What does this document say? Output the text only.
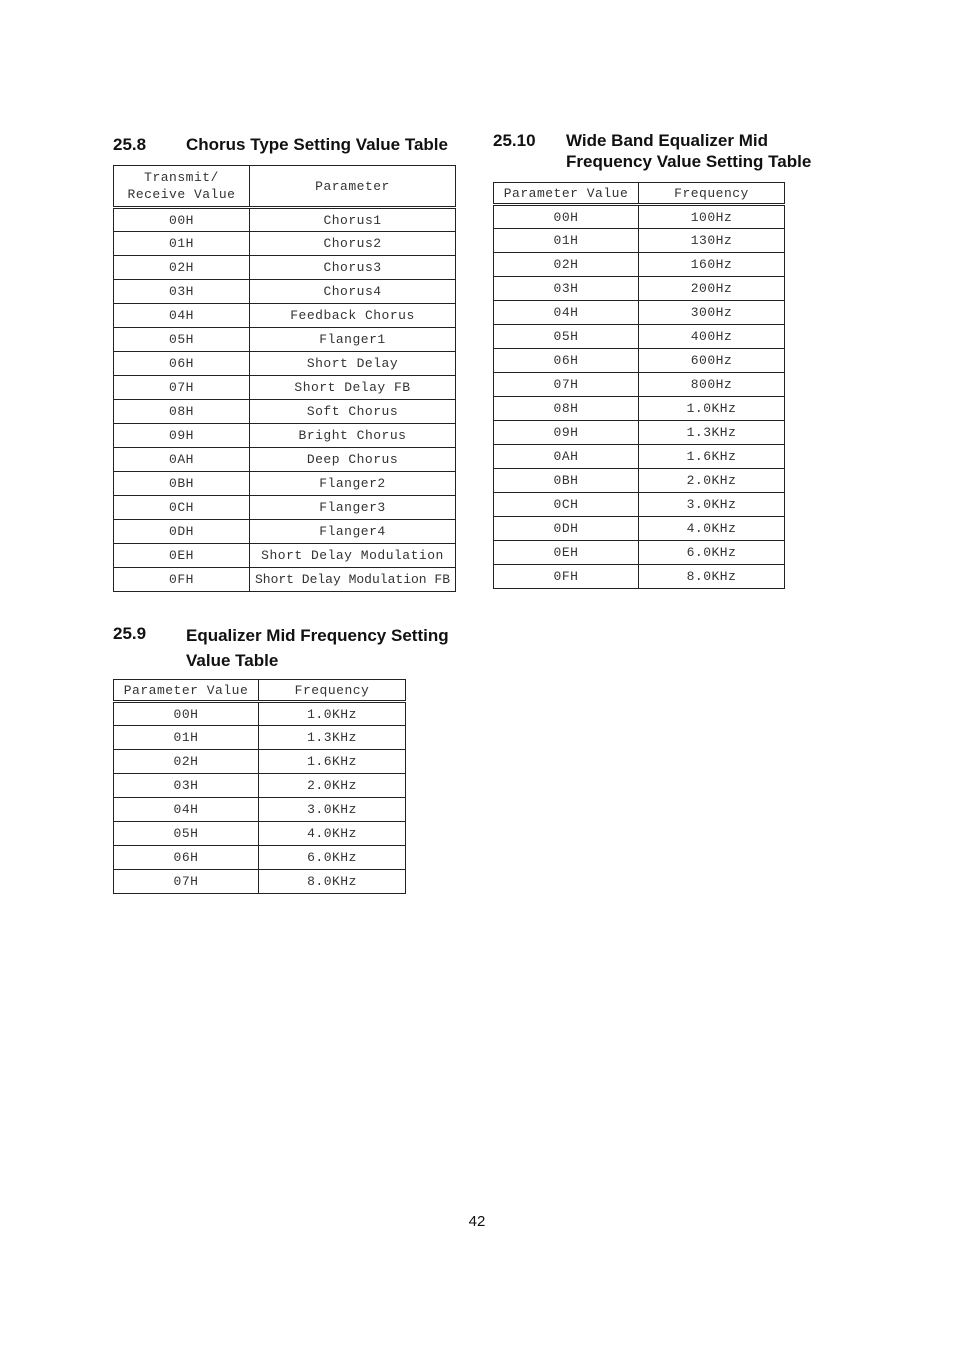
25.8 Chorus Type Setting Value Table
Transmit/
Receive Value	Parameter
00H	Chorus1
01H	Chorus2
02H	Chorus3
03H	Chorus4
04H	Feedback Chorus
05H	Flanger1
06H	Short Delay
07H	Short Delay FB
08H	Soft Chorus
09H	Bright Chorus
0AH	Deep Chorus
0BH	Flanger2
0CH	Flanger3
0DH	Flanger4
0EH	Short Delay Modulation
0FH	Short Delay Modulation FB
25.9 Equalizer Mid Frequency Setting
Value Table
Parameter Value	Frequency
00H	1.0KHz
01H	1.3KHz
02H	1.6KHz
03H	2.0KHz
04H	3.0KHz
05H	4.0KHz
06H	6.0KHz
07H	8.0KHz
25.10 Wide Band Equalizer Mid
Frequency Value Setting Table
Parameter Value	Frequency
00H	100Hz
01H	130Hz
02H	160Hz
03H	200Hz
04H	300Hz
05H	400Hz
06H	600Hz
07H	800Hz
08H	1.0KHz
09H	1.3KHz
0AH	1.6KHz
0BH	2.0KHz
0CH	3.0KHz
0DH	4.0KHz
0EH	6.0KHz
0FH	8.0KHz

42
